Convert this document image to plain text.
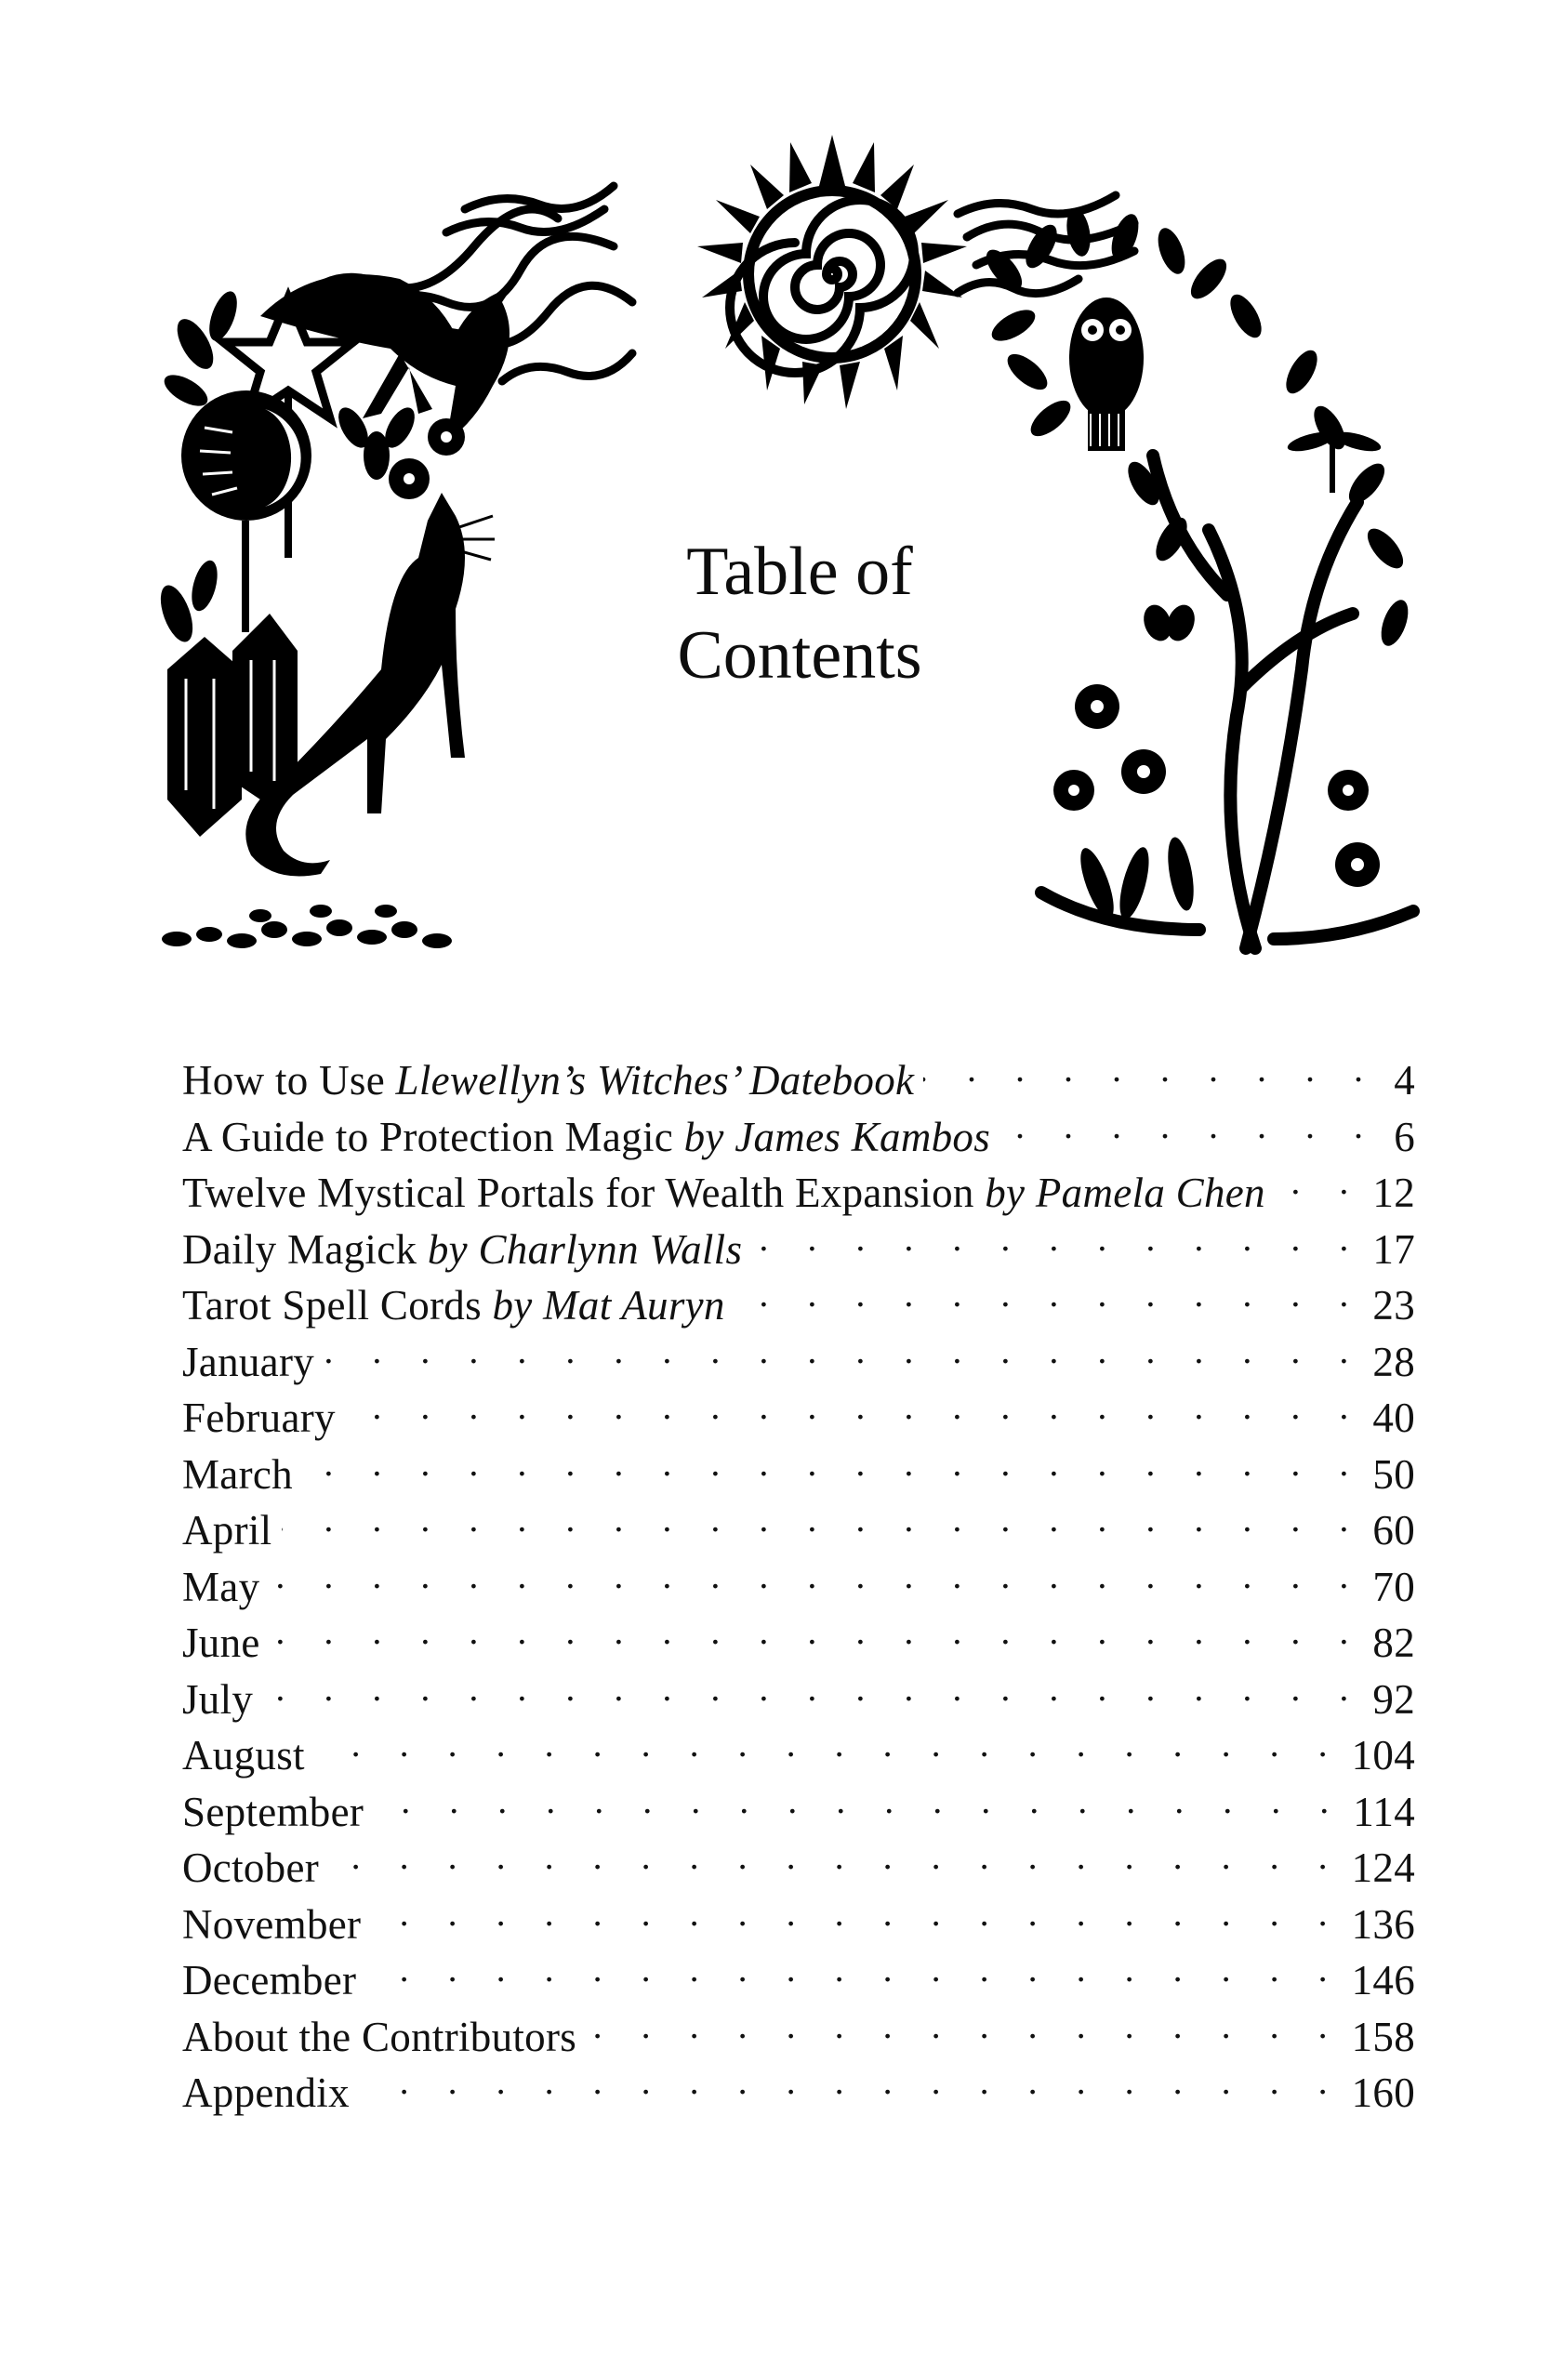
Table of
Contents
How to Use Llewellyn’s Witches’ Datebook . . .	4
A Guide to Protection Magic by James Kambos . . .	6
Twelve Mystical Portals for Wealth Expansion by Pamela Chen . . .	12
Daily Magick by Charlynn Walls . . .	17
Tarot Spell Cords by Mat Auryn . . .	23
January . . .	28
February . . .	40
March . . .	50
April . . .	60
May . . .	70
June . . .	82
July . . .	92
August . . .	104
September . . .	114
October . . .	124
November . . .	136
December . . .	146
About the Contributors . . .	158
Appendix . . .	160
